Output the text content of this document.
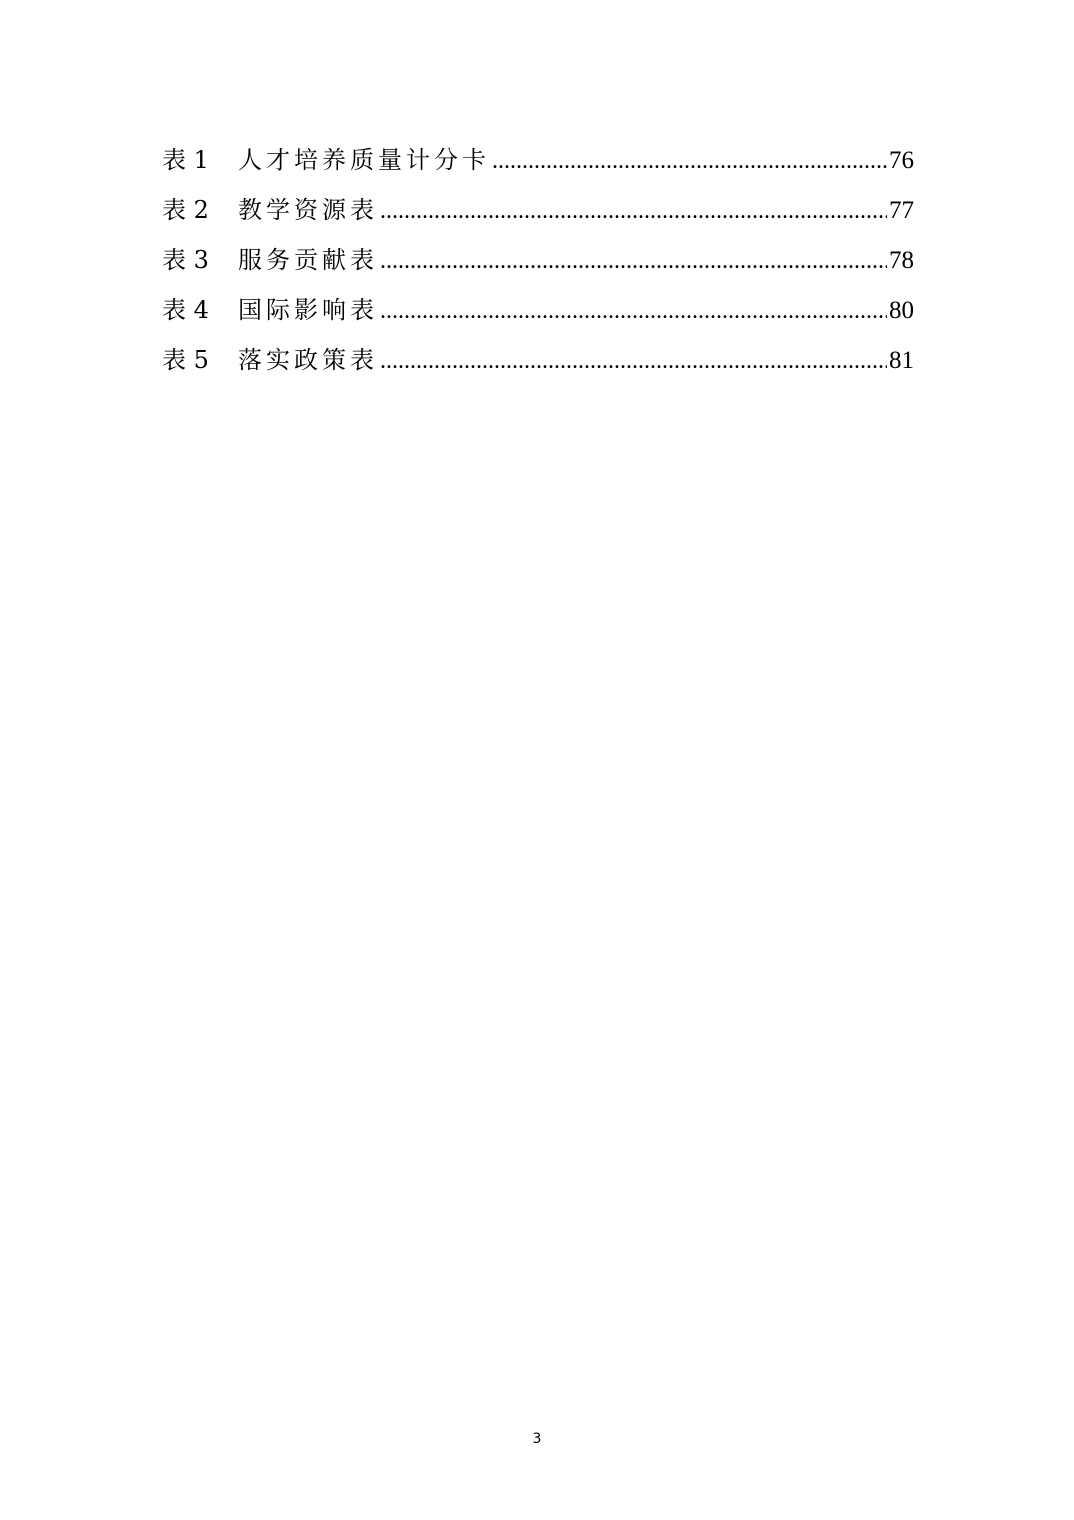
表 1	人才培养质量计分卡 .....	76
表 2	教学资源表 .....	77
表 3	服务贡献表 .....	78
表 4	国际影响表 .....	80
表 5	落实政策表 .....	81
3
